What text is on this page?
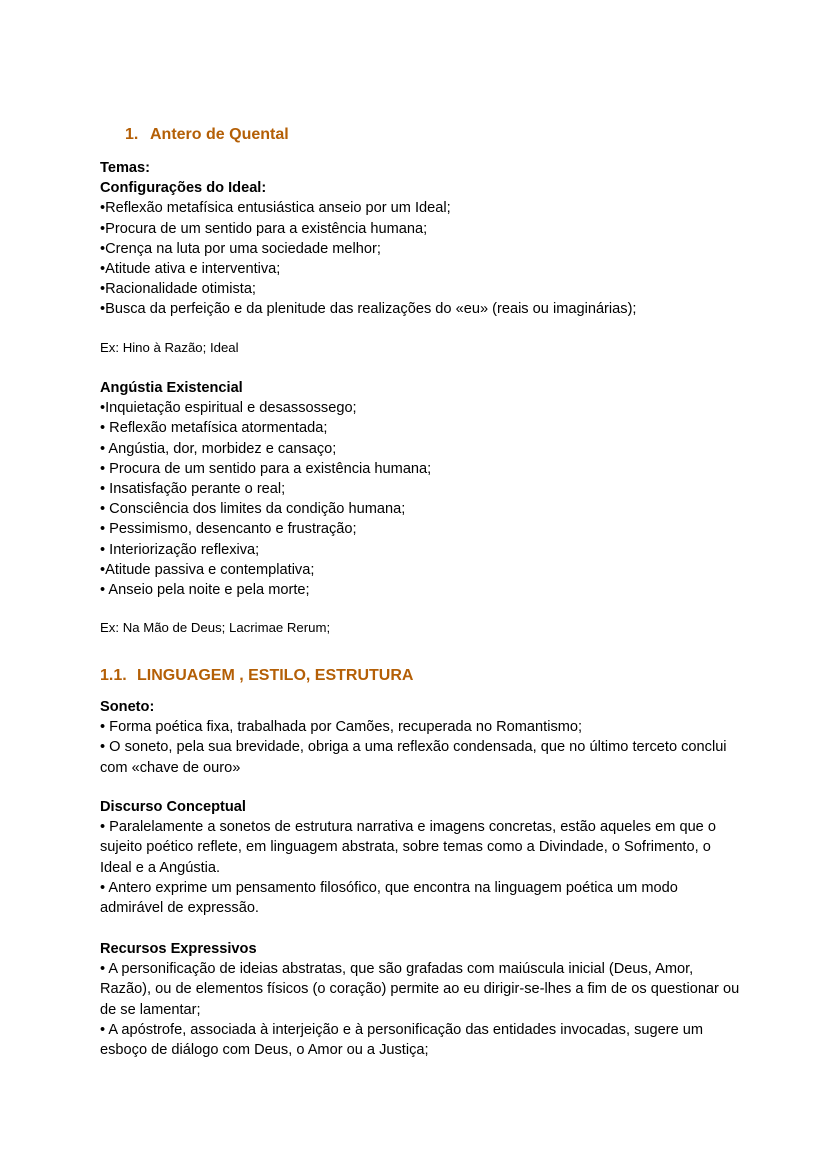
1. Antero de Quental
Temas:
Configurações do Ideal:
•Reflexão metafísica entusiástica anseio por um Ideal;
•Procura de um sentido para a existência humana;
•Crença na luta por uma sociedade melhor;
•Atitude ativa e interventiva;
•Racionalidade otimista;
•Busca da perfeição e da plenitude das realizações do «eu» (reais ou imaginárias);
Ex: Hino à Razão; Ideal
Angústia Existencial
•Inquietação espiritual e desassossego;
• Reflexão metafísica atormentada;
• Angústia, dor, morbidez e cansaço;
• Procura de um sentido para a existência humana;
• Insatisfação perante o real;
• Consciência dos limites da condição humana;
• Pessimismo, desencanto e frustração;
• Interiorização reflexiva;
•Atitude passiva e contemplativa;
• Anseio pela noite e pela morte;
Ex: Na Mão de Deus; Lacrimae Rerum;
1.1. LINGUAGEM , ESTILO, ESTRUTURA
Soneto:
• Forma poética fixa, trabalhada por Camões, recuperada no Romantismo;
• O soneto, pela sua brevidade, obriga a uma reflexão condensada, que no último terceto conclui com «chave de ouro»
Discurso Conceptual
• Paralelamente a sonetos de estrutura narrativa e imagens concretas, estão aqueles em que o sujeito poético reflete, em linguagem abstrata, sobre temas como a Divindade, o Sofrimento, o Ideal e a Angústia.
• Antero exprime um pensamento filosófico, que encontra na linguagem poética um modo admirável de expressão.
Recursos Expressivos
• A personificação de ideias abstratas, que são grafadas com maiúscula inicial (Deus, Amor, Razão), ou de elementos físicos (o coração) permite ao eu dirigir-se-lhes a fim de os questionar ou de se lamentar;
• A apóstrofe, associada à interjeição e à personificação das entidades invocadas, sugere um esboço de diálogo com Deus, o Amor ou a Justiça;
